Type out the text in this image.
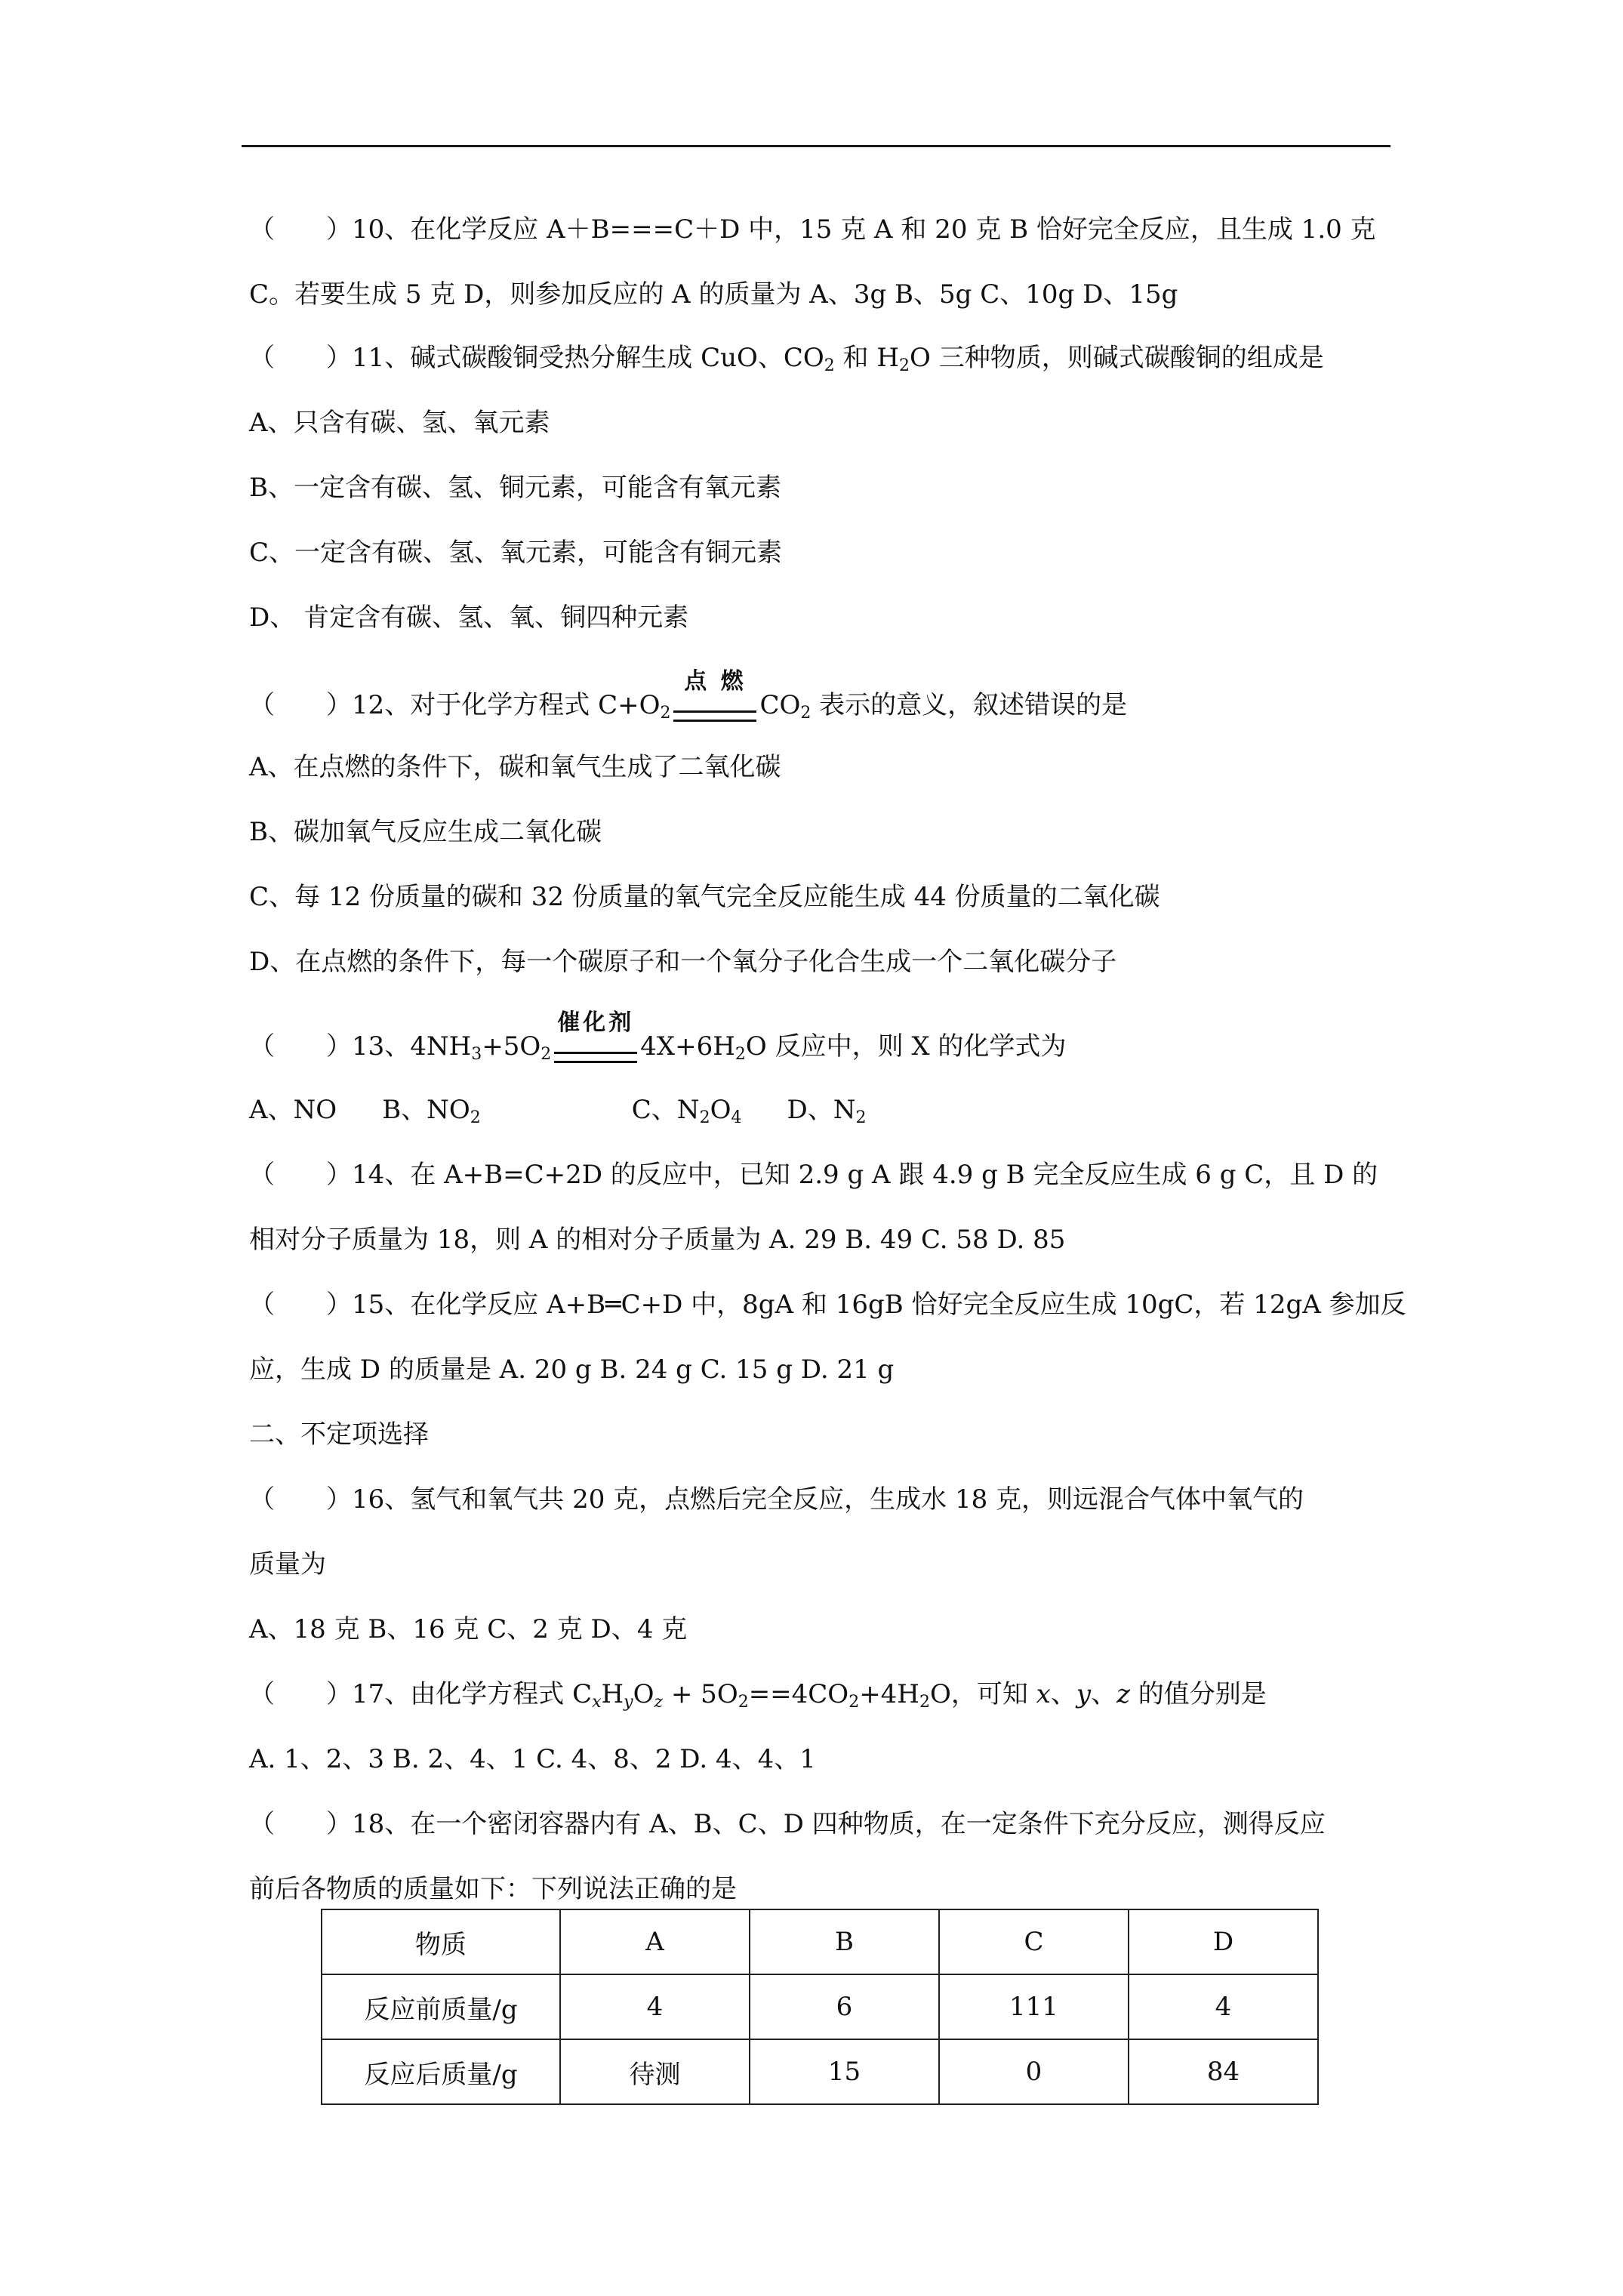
（　　）10、在化学反应 A＋B===C＋D 中，15 克 A 和 20 克 B 恰好完全反应，且生成 1.0 克
C。若要生成 5 克 D，则参加反应的 A 的质量为 A、3g B、5g C、10g D、15g
（　　）11、碱式碳酸铜受热分解生成 CuO、$CO_2$ 和 $H_2O$ 三种物质，则碱式碳酸铜的组成是
A、只含有碳、氢、氧元素
B、一定含有碳、氢、铜元素，可能含有氧元素
C、一定含有碳、氢、氧元素，可能含有铜元素
D、 肯定含有碳、氢、氧、铜四种元素
（　　）12、对于化学方程式 $C+O_2$
点 燃
$CO_2$ 表示的意义，叙述错误的是
A、在点燃的条件下，碳和氧气生成了二氧化碳
B、碳加氧气反应生成二氧化碳
C、每 12 份质量的碳和 32 份质量的氧气完全反应能生成 44 份质量的二氧化碳
D、在点燃的条件下，每一个碳原子和一个氧分子化合生成一个二氧化碳分子
（　　）13、$4NH_3+5O_2$
催化剂
$4X+6H_2O$ 反应中，则 X 的化学式为
A、NO B、$NO_2$	C、$N_2O_4$ D、$N_2$
（　　）14、在 A+B=C+2D 的反应中，已知 2.9 g A 跟 4.9 g B 完全反应生成 6 g C，且 D 的
相对分子质量为 18，则 A 的相对分子质量为 A. 29 B. 49 C. 58 D. 85
（　　）15、在化学反应 A+B═C+D 中，8gA 和 16gB 恰好完全反应生成 10gC，若 12gA 参加反
应，生成 D 的质量是 A. 20 g B. 24 g C. 15 g D. 21 g
二、不定项选择
（　　）16、氢气和氧气共 20 克，点燃后完全反应，生成水 18 克，则远混合气体中氧气的
质量为
A、18 克 B、16 克 C、2 克 D、4 克
（　　）17、由化学方程式 $C_xH_yO_z + 5O_2==4CO_2+4H_2O$，可知 x、y、z 的值分别是
A. 1、2、3 B. 2、4、1 C. 4、8、2 D. 4、4、1
（　　）18、在一个密闭容器内有 A、B、C、D 四种物质，在一定条件下充分反应，测得反应
前后各物质的质量如下：下列说法正确的是
物质	A	B	C	D
反应前质量/g	4	6	111	4
反应后质量/g	待测	15	0	84
